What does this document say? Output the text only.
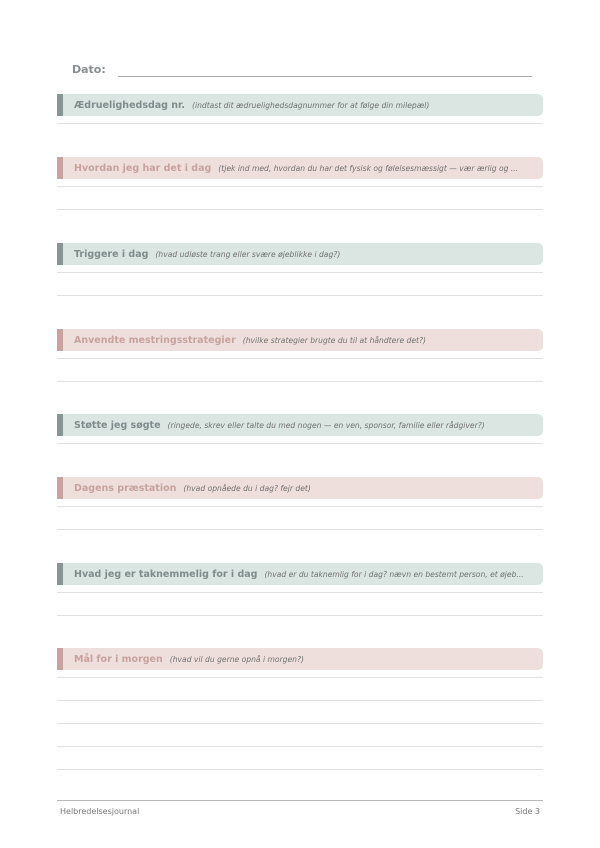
Dato:
Ædruelighedsdag nr. (indtast dit ædruelighedsdagnummer for at følge din milepæl)
Hvordan jeg har det i dag (tjek ind med, hvordan du har det fysisk og følelsesmæssigt — vær ærlig og ...
Triggere i dag (hvad udløste trang eller svære øjeblikke i dag?)
Anvendte mestringsstrategier (hvilke strategier brugte du til at håndtere det?)
Støtte jeg søgte (ringede, skrev eller talte du med nogen — en ven, sponsor, familie eller rådgiver?)
Dagens præstation (hvad opnåede du i dag? fejr det)
Hvad jeg er taknemmelig for i dag (hvad er du taknemlig for i dag? nævn en bestemt person, et øjeb...
Mål for i morgen (hvad vil du gerne opnå i morgen?)
Helbredelsesjournal	Side 3
